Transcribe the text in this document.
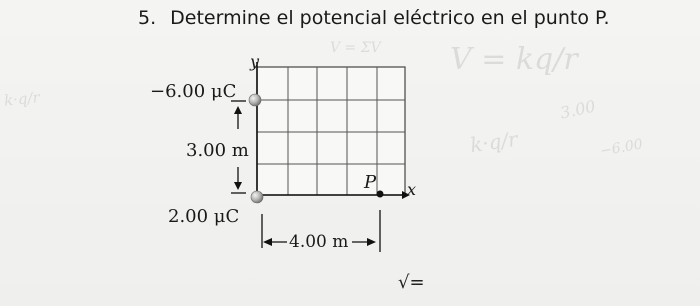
k·q/r
V = kq/r
k·q/r
3.00
−6.00
V = ΣV
5. Determine el potencial eléctrico en el punto P.
y
x
−6.00 μC
3.00 m
2.00 μC
4.00 m
P
√=
